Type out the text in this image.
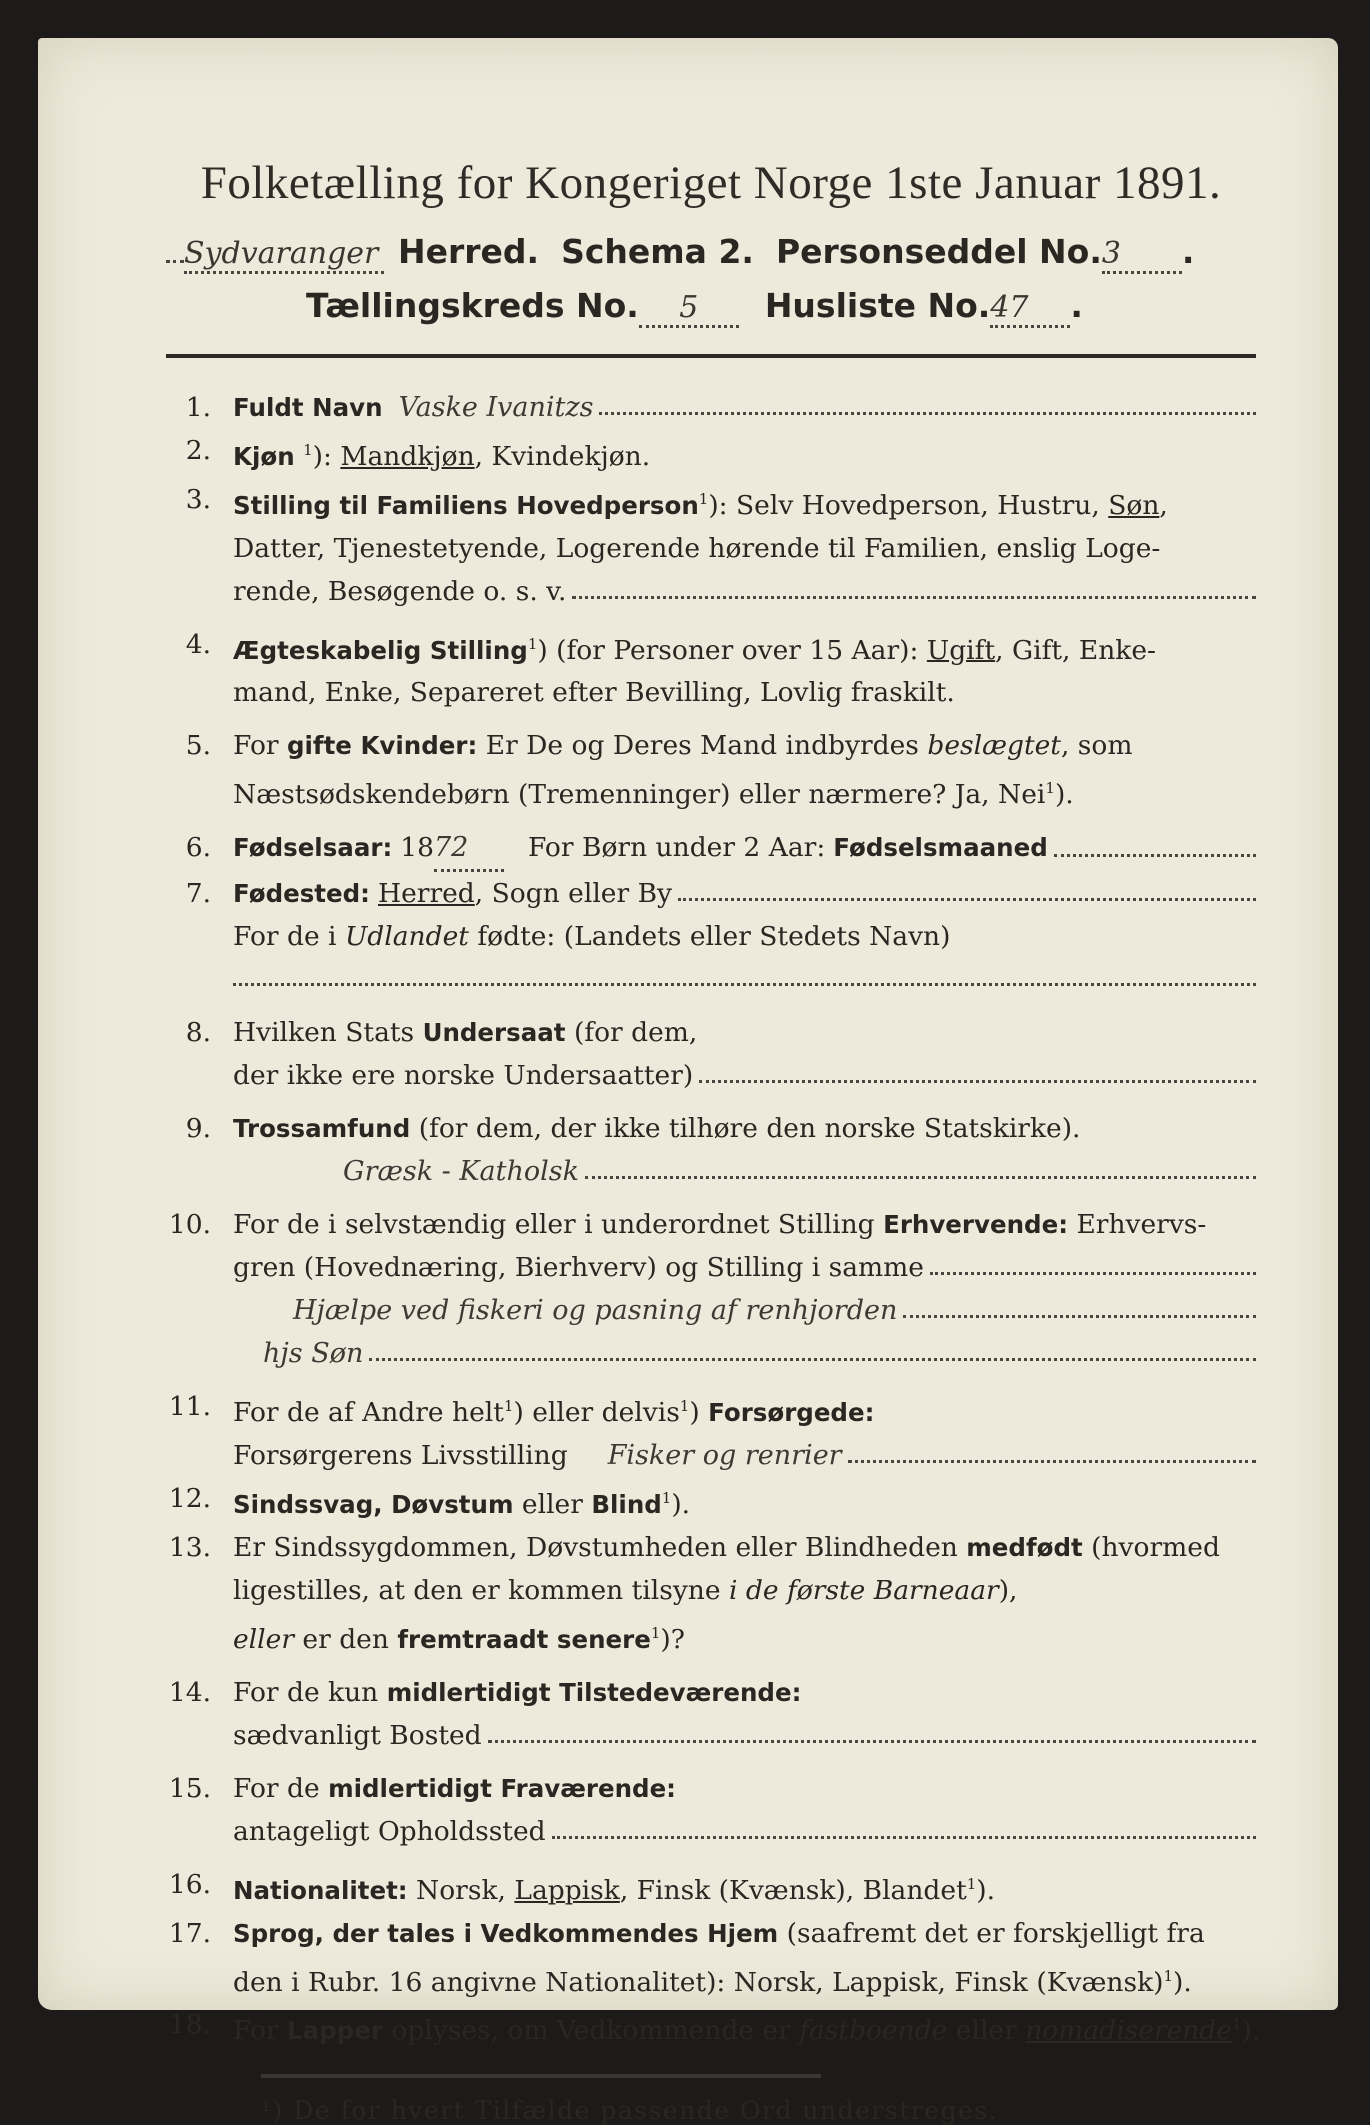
Folketælling for Kongeriget Norge 1ste Januar 1891.
Sydvaranger Herred. Schema 2. Personseddel No. 3	.
Tællingskreds No.	5	Husliste No. 47	.
1. Fuldt Navn Vaske Ivanitzs
2. Kjøn $^1$): Mandkjøn, Kvindekjøn.
3. Stilling til Familiens Hovedperson$^1$): Selv Hovedperson, Hustru, Søn,
Datter, Tjenestetyende, Logerende hørende til Familien, enslig Loge-
rende, Besøgende o. s. v.
4. Ægteskabelig Stilling$^1$) (for Personer over 15 Aar): Ugift, Gift, Enke-
mand, Enke, Separeret efter Bevilling, Lovlig fraskilt.
5. For gifte Kvinder: Er De og Deres Mand indbyrdes beslægtet, som
Næstsødskendebørn (Tremenninger) eller nærmere? Ja, Nei$^1$).
6. Fødselsaar: 18 72	For Børn under 2 Aar: Fødselsmaaned
7. Fødested: Herred , Sogn eller By
For de i Udlandet fødte: (Landets eller Stedets Navn)
8. Hvilken Stats Undersaat (for dem,
der ikke ere norske Undersaatter)
9. Trossamfund (for dem, der ikke tilhøre den norske Statskirke).
Græsk - Katholsk
10. For de i selvstændig eller i underordnet Stilling Erhvervende: Erhvervs-
gren (Hovednæring, Bierhverv) og Stilling i samme
Hjælpe ved fiskeri og pasning af renhjorden
hjs Søn
11. For de af Andre helt$^1$) eller delvis$^1$) Forsørgede:
Forsørgerens Livsstilling Fisker og renrier
12. Sindssvag, Døvstum eller Blind$^1$).
13. Er Sindssygdommen, Døvstumheden eller Blindheden medfødt (hvormed
ligestilles, at den er kommen tilsyne i de første Barneaar),
eller er den fremtraadt senere$^1$)?
14. For de kun midlertidigt Tilstedeværende:
sædvanligt Bosted
15. For de midlertidigt Fraværende:
antageligt Opholdssted
16. Nationalitet: Norsk, Lappisk, Finsk (Kvænsk), Blandet$^1$).
17. Sprog, der tales i Vedkommendes Hjem (saafremt det er forskjelligt fra
den i Rubr. 16 angivne Nationalitet): Norsk, Lappisk, Finsk (Kvænsk)$^1$).
18. For Lapper oplyses, om Vedkommende er fastboende eller nomadiserende$^1$).
¹) De for hvert Tilfælde passende Ord understreges.
